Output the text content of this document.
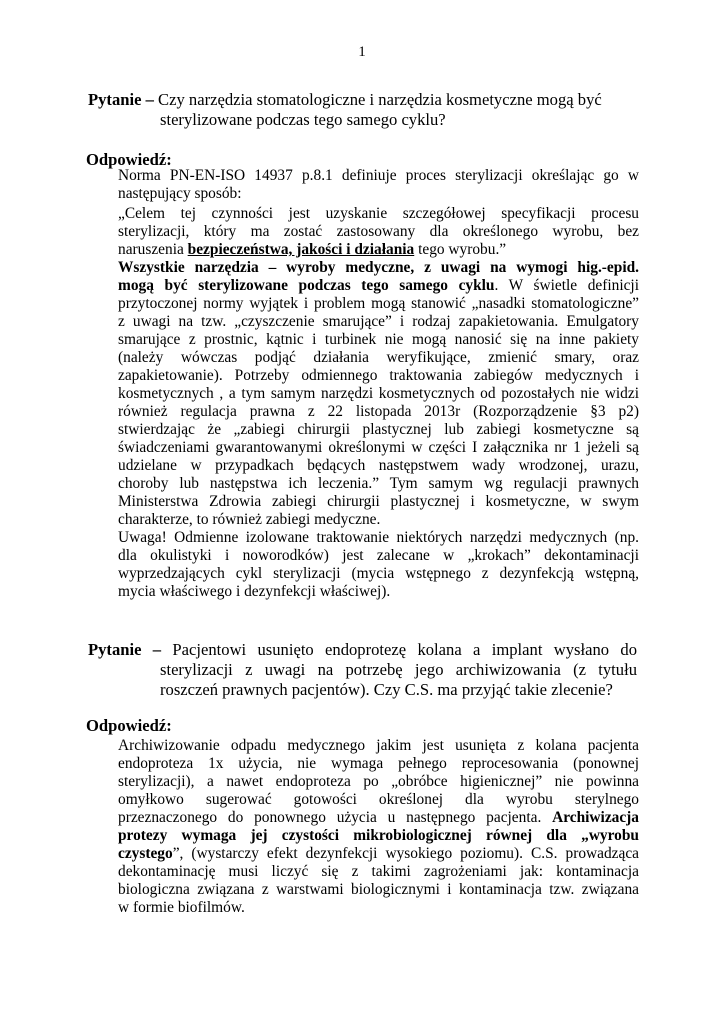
1
Pytanie – Czy narzędzia stomatologiczne i narzędzia kosmetyczne mogą być
sterylizowane podczas tego samego cyklu?
Odpowiedź:
Norma PN-EN-ISO 14937 p.8.1 definiuje proces sterylizacji określając go w
następujący sposób:
„Celem tej czynności jest uzyskanie szczegółowej specyfikacji procesu
sterylizacji, który ma zostać zastosowany dla określonego wyrobu, bez
naruszenia bezpieczeństwa, jakości i działania tego wyrobu.”
Wszystkie narzędzia – wyroby medyczne, z uwagi na wymogi hig.-epid.
mogą być sterylizowane podczas tego samego cyklu. W świetle definicji
przytoczonej normy wyjątek i problem mogą stanowić „nasadki stomatologiczne”
z uwagi na tzw. „czyszczenie smarujące” i rodzaj zapakietowania. Emulgatory
smarujące z prostnic, kątnic i turbinek nie mogą nanosić się na inne pakiety
(należy wówczas podjąć działania weryfikujące, zmienić smary, oraz
zapakietowanie). Potrzeby odmiennego traktowania zabiegów medycznych i
kosmetycznych , a tym samym narzędzi kosmetycznych od pozostałych nie widzi
również regulacja prawna z 22 listopada 2013r (Rozporządzenie §3 p2)
stwierdzając że „zabiegi chirurgii plastycznej lub zabiegi kosmetyczne są
świadczeniami gwarantowanymi określonymi w części I załącznika nr 1 jeżeli są
udzielane w przypadkach będących następstwem wady wrodzonej, urazu,
choroby lub następstwa ich leczenia.” Tym samym wg regulacji prawnych
Ministerstwa Zdrowia zabiegi chirurgii plastycznej i kosmetyczne, w swym
charakterze, to również zabiegi medyczne.
Uwaga! Odmienne izolowane traktowanie niektórych narzędzi medycznych (np.
dla okulistyki i noworodków) jest zalecane w „krokach” dekontaminacji
wyprzedzających cykl sterylizacji (mycia wstępnego z dezynfekcją wstępną,
mycia właściwego i dezynfekcji właściwej).
Pytanie – Pacjentowi usunięto endoprotezę kolana a implant wysłano do
sterylizacji z uwagi na potrzebę jego archiwizowania (z tytułu
roszczeń prawnych pacjentów). Czy C.S. ma przyjąć takie zlecenie?
Odpowiedź:
Archiwizowanie odpadu medycznego jakim jest usunięta z kolana pacjenta
endoproteza 1x użycia, nie wymaga pełnego reprocesowania (ponownej
sterylizacji), a nawet endoproteza po „obróbce higienicznej” nie powinna
omyłkowo sugerować gotowości określonej dla wyrobu sterylnego
przeznaczonego do ponownego użycia u następnego pacjenta. Archiwizacja
protezy wymaga jej czystości mikrobiologicznej równej dla „wyrobu
czystego”, (wystarczy efekt dezynfekcji wysokiego poziomu). C.S. prowadząca
dekontaminację musi liczyć się z takimi zagrożeniami jak: kontaminacja
biologiczna związana z warstwami biologicznymi i kontaminacja tzw. związana
w formie biofilmów.
